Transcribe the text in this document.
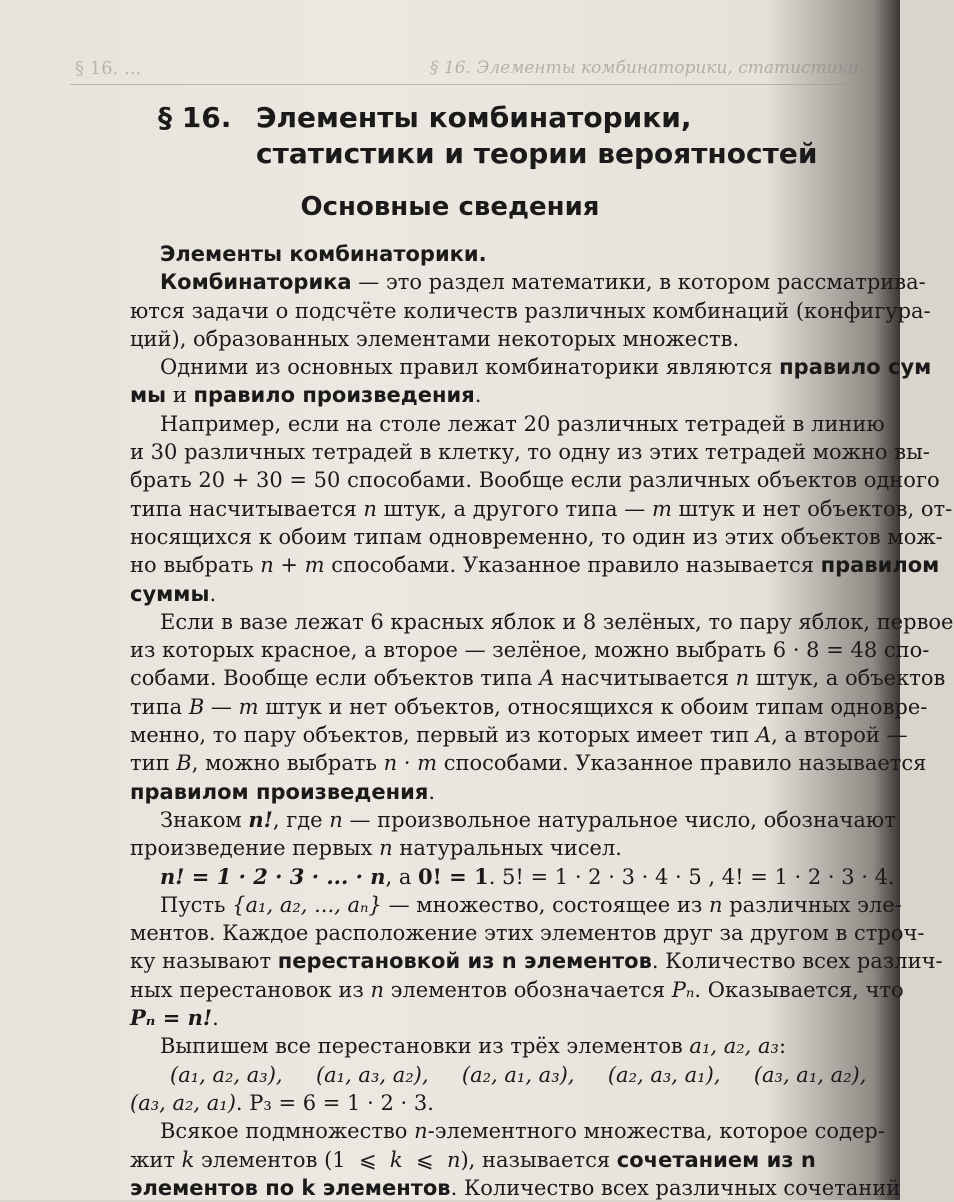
§ 16. ...	§ 16. Элементы комбинаторики, статистики...
§ 16. Элементы комбинаторики,
статистики и теории вероятностей
Основные сведения
Элементы комбинаторики.
Комбинаторика — это раздел математики, в котором рассматрива-
ются задачи о подсчёте количеств различных комбинаций (конфигура-
ций), образованных элементами некоторых множеств.
Одними из основных правил комбинаторики являются правило сум
мы и правило произведения.
Например, если на столе лежат 20 различных тетрадей в линию
и 30 различных тетрадей в клетку, то одну из этих тетрадей можно вы-
брать 20 + 30 = 50 способами. Вообще если различных объектов одного
типа насчитывается n штук, а другого типа — m штук и нет объектов, от-
носящихся к обоим типам одновременно, то один из этих объектов мож-
но выбрать n + m способами. Указанное правило называется правилом
суммы.
Если в вазе лежат 6 красных яблок и 8 зелёных, то пару яблок, первое
из которых красное, а второе — зелёное, можно выбрать 6 · 8 = 48 спо-
собами. Вообще если объектов типа A насчитывается n штук, а объектов
типа B — m штук и нет объектов, относящихся к обоим типам одновре-
менно, то пару объектов, первый из которых имеет тип A, а второй —
тип B, можно выбрать n · m способами. Указанное правило называется
правилом произведения.
Знаком n!, где n — произвольное натуральное число, обозначают
произведение первых n натуральных чисел.
n! = 1 · 2 · 3 · ... · n, а 0! = 1. 5! = 1 · 2 · 3 · 4 · 5 , 4! = 1 · 2 · 3 · 4.
Пусть {a₁, a₂, ..., aₙ} — множество, состоящее из n различных эле-
ментов. Каждое расположение этих элементов друг за другом в строч-
ку называют перестановкой из n элементов. Количество всех различ-
ных перестановок из n элементов обозначается Pₙ. Оказывается, что
Pₙ = n!.
Выпишем все перестановки из трёх элементов a₁, a₂, a₃:
(a₁, a₂, a₃),     (a₁, a₃, a₂),     (a₂, a₁, a₃),     (a₂, a₃, a₁),     (a₃, a₁, a₂),
(a₃, a₂, a₁). P₃ = 6 = 1 · 2 · 3.
Всякое подмножество n-элементного множества, которое содер-
жит k элементов (1  ⩽  k  ⩽  n), называется сочетанием из n
элементов по k элементов. Количество всех различных сочетаний
